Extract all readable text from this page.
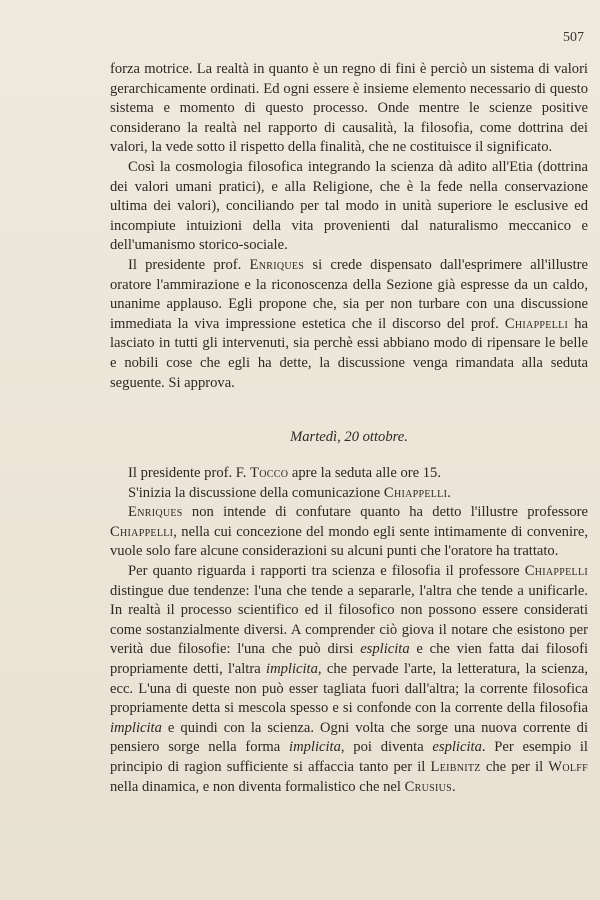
507

forza motrice. La realtà in quanto è un regno di fini è perciò un sistema di valori gerarchicamente ordinati. Ed ogni essere è insieme elemento necessario di questo sistema e momento di questo processo. Onde mentre le scienze positive considerano la realtà nel rapporto di causalità, la filosofia, come dottrina dei valori, la vede sotto il rispetto della finalità, che ne costituisce il significato.

Così la cosmologia filosofica integrando la scienza dà adito all'Etia (dottrina dei valori umani pratici), e alla Religione, che è la fede nella conservazione ultima dei valori), conciliando per tal modo in unità superiore le esclusive ed incompiute intuizioni della vita provenienti dal naturalismo meccanico e dell'umanismo storico-sociale.

Il presidente prof. Enriques si crede dispensato dall'esprimere all'illustre oratore l'ammirazione e la riconoscenza della Sezione già espresse da un caldo, unanime applauso. Egli propone che, sia per non turbare con una discussione immediata la viva impressione estetica che il discorso del prof. Chiappelli ha lasciato in tutti gli intervenuti, sia perchè essi abbiano modo di ripensare le belle e nobili cose che egli ha dette, la discussione venga rimandata alla seduta seguente. Si approva.

Martedì, 20 ottobre.

Il presidente prof. F. Tocco apre la seduta alle ore 15.

S'inizia la discussione della comunicazione Chiappelli.

Enriques non intende di confutare quanto ha detto l'illustre professore Chiappelli, nella cui concezione del mondo egli sente intimamente di convenire, vuole solo fare alcune considerazioni su alcuni punti che l'oratore ha trattato.

Per quanto riguarda i rapporti tra scienza e filosofia il professore Chiappelli distingue due tendenze: l'una che tende a separarle, l'altra che tende a unificarle. In realtà il processo scientifico ed il filosofico non possono essere considerati come sostanzialmente diversi. A comprender ciò giova il notare che esistono per verità due filosofie: l'una che può dirsi esplicita e che vien fatta dai filosofi propriamente detti, l'altra implicita, che pervade l'arte, la letteratura, la scienza, ecc. L'una di queste non può esser tagliata fuori dall'altra; la corrente filosofica propriamente detta si mescola spesso e si confonde con la corrente della filosofia implicita e quindi con la scienza. Ogni volta che sorge una nuova corrente di pensiero sorge nella forma implicita, poi diventa esplicita. Per esempio il principio di ragion sufficiente si affaccia tanto per il Leibnitz che per il Wolff nella dinamica, e non diventa formalistico che nel Crusius.
